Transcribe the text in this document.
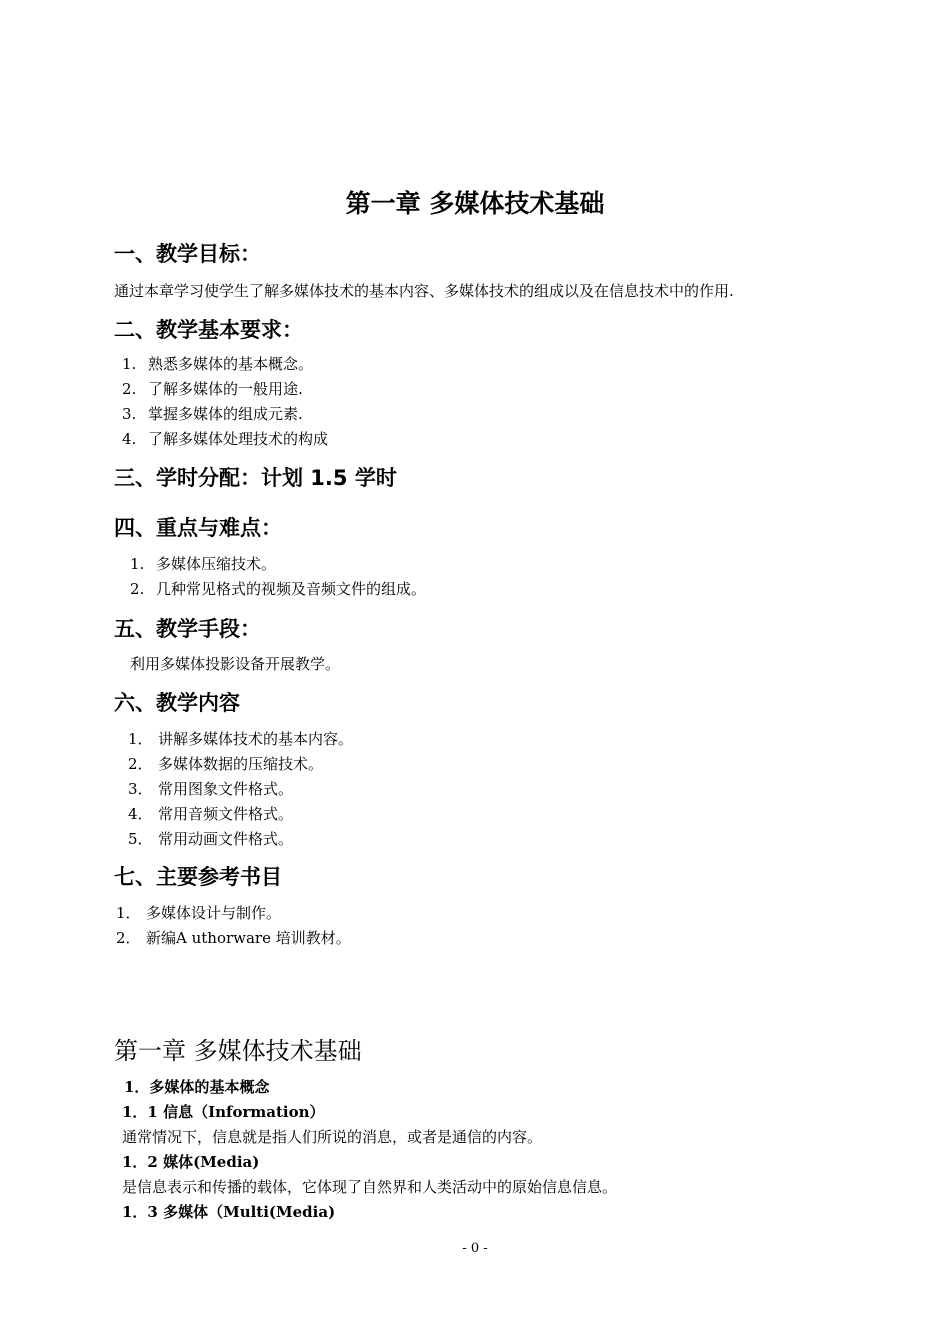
第一章 多媒体技术基础
一、教学目标：
通过本章学习使学生了解多媒体技术的基本内容、多媒体技术的组成以及在信息技术中的作用.
二、教学基本要求：
1. 熟悉多媒体的基本概念。
2. 了解多媒体的一般用途.
3. 掌握多媒体的组成元素.
4. 了解多媒体处理技术的构成
三、学时分配：计划 1.5 学时
四、重点与难点：
1. 多媒体压缩技术。
2. 几种常见格式的视频及音频文件的组成。
五、教学手段：
利用多媒体投影设备开展教学。
六、教学内容
1． 讲解多媒体技术的基本内容。
2． 多媒体数据的压缩技术。
3． 常用图象文件格式。
4． 常用音频文件格式。
5． 常用动画文件格式。
七、主要参考书目
1． 多媒体设计与制作。
2． 新编A uthorware 培训教材。
第一章 多媒体技术基础
1．多媒体的基本概念
1．1 信息（Information）
通常情况下，信息就是指人们所说的消息，或者是通信的内容。
1．2 媒体(Media)
是信息表示和传播的载体，它体现了自然界和人类活动中的原始信息信息。
1．3 多媒体（Multi(Media)
- 0 -
